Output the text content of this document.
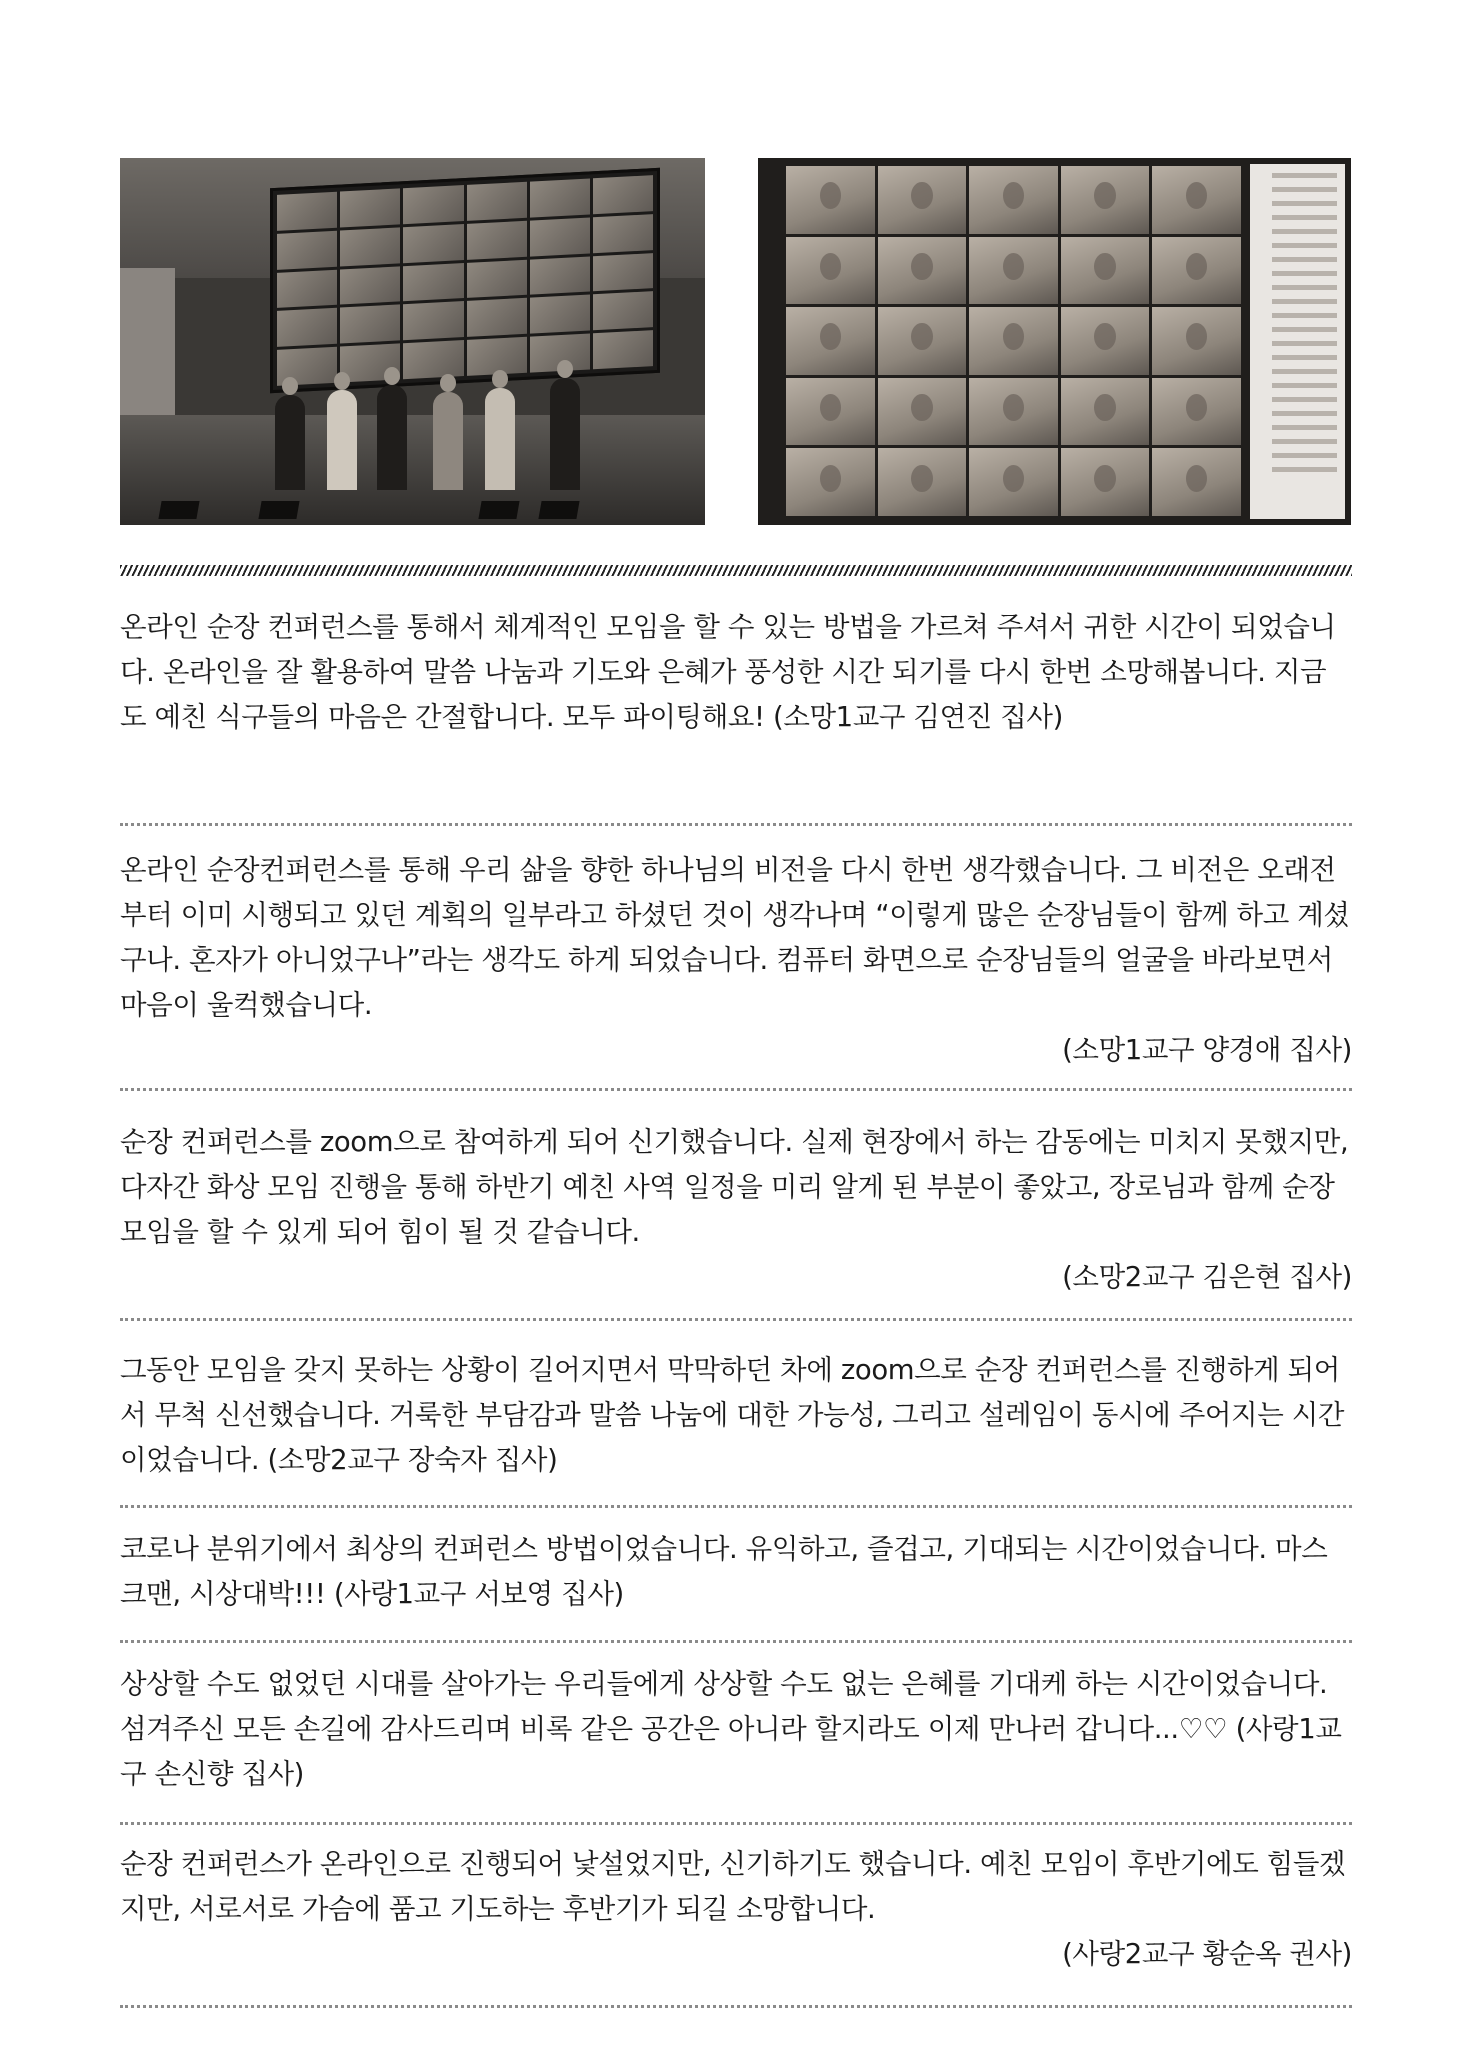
온라인 순장 컨퍼런스를 통해서 체계적인 모임을 할 수 있는 방법을 가르쳐 주셔서 귀한 시간이 되었습니다. 온라인을 잘 활용하여 말씀 나눔과 기도와 은혜가 풍성한 시간 되기를 다시 한번 소망해봅니다. 지금도 예친 식구들의 마음은 간절합니다. 모두 파이팅해요! (소망1교구 김연진 집사)

온라인 순장컨퍼런스를 통해 우리 삶을 향한 하나님의 비전을 다시 한번 생각했습니다. 그 비전은 오래전부터 이미 시행되고 있던 계획의 일부라고 하셨던 것이 생각나며 “이렇게 많은 순장님들이 함께 하고 계셨구나. 혼자가 아니었구나”라는 생각도 하게 되었습니다. 컴퓨터 화면으로 순장님들의 얼굴을 바라보면서 마음이 울컥했습니다.

(소망1교구 양경애 집사)

순장 컨퍼런스를 zoom으로 참여하게 되어 신기했습니다. 실제 현장에서 하는 감동에는 미치지 못했지만, 다자간 화상 모임 진행을 통해 하반기 예친 사역 일정을 미리 알게 된 부분이 좋았고, 장로님과 함께 순장 모임을 할 수 있게 되어 힘이 될 것 같습니다.

(소망2교구 김은현 집사)

그동안 모임을 갖지 못하는 상황이 길어지면서 막막하던 차에 zoom으로 순장 컨퍼런스를 진행하게 되어서 무척 신선했습니다. 거룩한 부담감과 말씀 나눔에 대한 가능성, 그리고 설레임이 동시에 주어지는 시간이었습니다. (소망2교구 장숙자 집사)

코로나 분위기에서 최상의 컨퍼런스 방법이었습니다. 유익하고, 즐겁고, 기대되는 시간이었습니다. 마스크맨, 시상대박!!! (사랑1교구 서보영 집사)

상상할 수도 없었던 시대를 살아가는 우리들에게 상상할 수도 없는 은혜를 기대케 하는 시간이었습니다. 섬겨주신 모든 손길에 감사드리며 비록 같은 공간은 아니라 할지라도 이제 만나러 갑니다...♡♡ (사랑1교구 손신향 집사)

순장 컨퍼런스가 온라인으로 진행되어 낯설었지만, 신기하기도 했습니다. 예친 모임이 후반기에도 힘들겠지만, 서로서로 가슴에 품고 기도하는 후반기가 되길 소망합니다.

(사랑2교구 황순옥 권사)
